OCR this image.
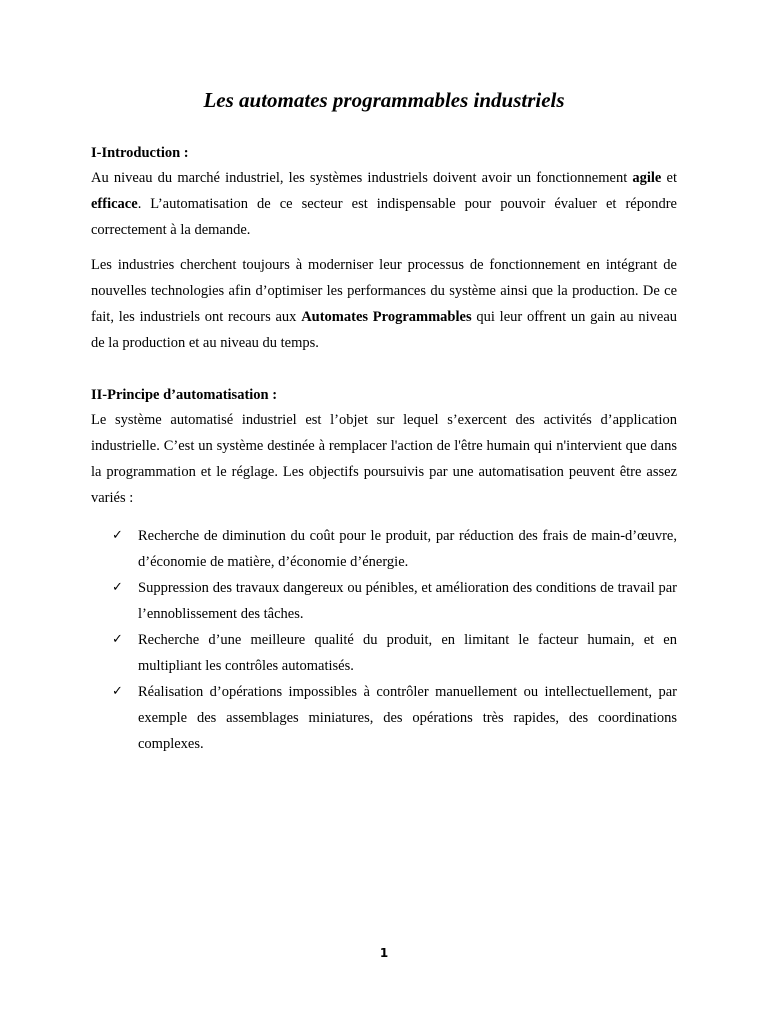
Les automates programmables industriels
I-Introduction :

Au niveau du marché industriel, les systèmes industriels doivent avoir un fonctionnement agile et efficace. L’automatisation de ce secteur est indispensable pour pouvoir évaluer et répondre correctement à la demande.

Les industries cherchent toujours à moderniser leur processus de fonctionnement en intégrant de nouvelles technologies afin d’optimiser les performances du système ainsi que la production. De ce fait, les industriels ont recours aux Automates Programmables qui leur offrent un gain au niveau de la production et au niveau du temps.

II-Principe d’automatisation :

Le système automatisé industriel est l’objet sur lequel s’exercent des activités d’application industrielle. C’est un système destinée à remplacer l'action de l'être humain qui n'intervient que dans la programmation et le réglage. Les objectifs poursuivis par une automatisation peuvent être assez variés :

✓ Recherche de diminution du coût pour le produit, par réduction des frais de main-d’œuvre, d’économie de matière, d’économie d’énergie.
✓ Suppression des travaux dangereux ou pénibles, et amélioration des conditions de travail par l’ennoblissement des tâches.
✓ Recherche d’une meilleure qualité du produit, en limitant le facteur humain, et en multipliant les contrôles automatisés.
✓ Réalisation d’opérations impossibles à contrôler manuellement ou intellectuellement, par exemple des assemblages miniatures, des opérations très rapides, des coordinations complexes.
1
